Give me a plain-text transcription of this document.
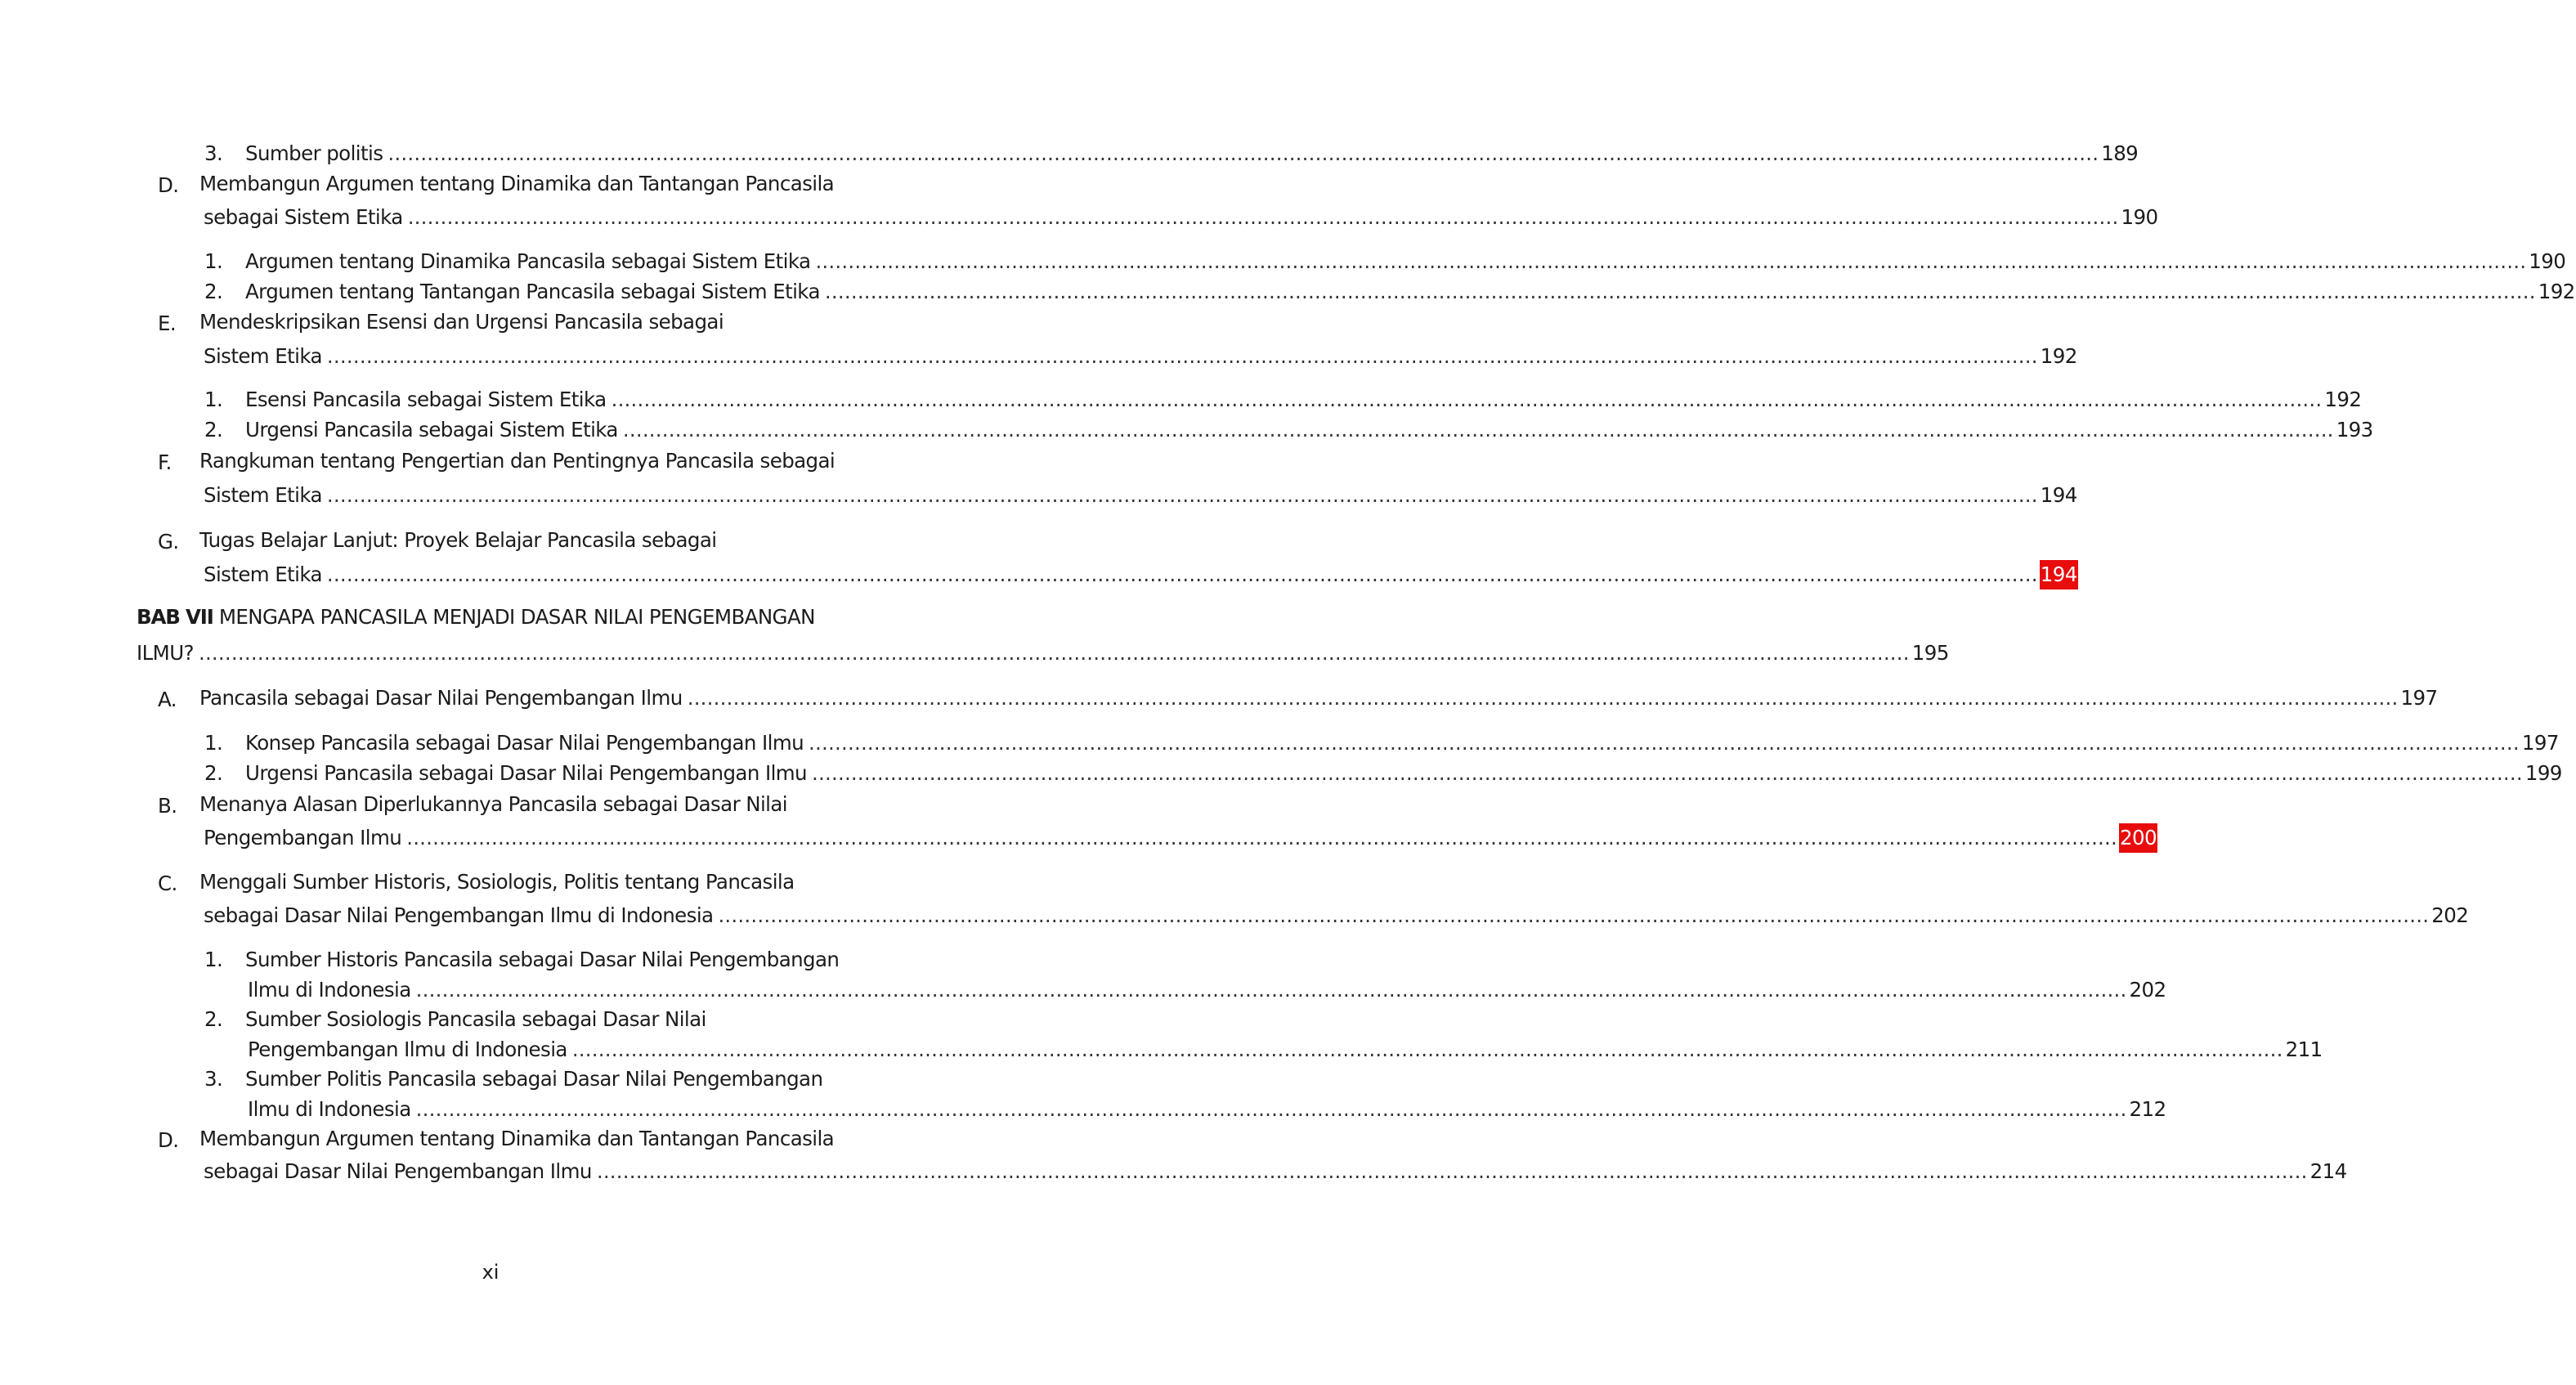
3. Sumber politis .....	189
D. Membangun Argumen tentang Dinamika dan Tantangan Pancasila
sebagai Sistem Etika .....	190
1. Argumen tentang Dinamika Pancasila sebagai Sistem Etika .....	190
2. Argumen tentang Tantangan Pancasila sebagai Sistem Etika .....	192
E. Mendeskripsikan Esensi dan Urgensi Pancasila sebagai
Sistem Etika .....	192
1. Esensi Pancasila sebagai Sistem Etika .....	192
2. Urgensi Pancasila sebagai Sistem Etika .....	193
F. Rangkuman tentang Pengertian dan Pentingnya Pancasila sebagai
Sistem Etika .....	194
G. Tugas Belajar Lanjut: Proyek Belajar Pancasila sebagai
Sistem Etika .....	194
BAB VII MENGAPA PANCASILA MENJADI DASAR NILAI PENGEMBANGAN
ILMU? .....	195
A. Pancasila sebagai Dasar Nilai Pengembangan Ilmu .....	197
1. Konsep Pancasila sebagai Dasar Nilai Pengembangan Ilmu .....	197
2. Urgensi Pancasila sebagai Dasar Nilai Pengembangan Ilmu .....	199
B. Menanya Alasan Diperlukannya Pancasila sebagai Dasar Nilai
Pengembangan Ilmu .....	200
C. Menggali Sumber Historis, Sosiologis, Politis tentang Pancasila
sebagai Dasar Nilai Pengembangan Ilmu di Indonesia .....	202
1. Sumber Historis Pancasila sebagai Dasar Nilai Pengembangan
Ilmu di Indonesia .....	202
2. Sumber Sosiologis Pancasila sebagai Dasar Nilai
Pengembangan Ilmu di Indonesia .....	211
3. Sumber Politis Pancasila sebagai Dasar Nilai Pengembangan
Ilmu di Indonesia .....	212
D. Membangun Argumen tentang Dinamika dan Tantangan Pancasila
sebagai Dasar Nilai Pengembangan Ilmu .....	214
xi
